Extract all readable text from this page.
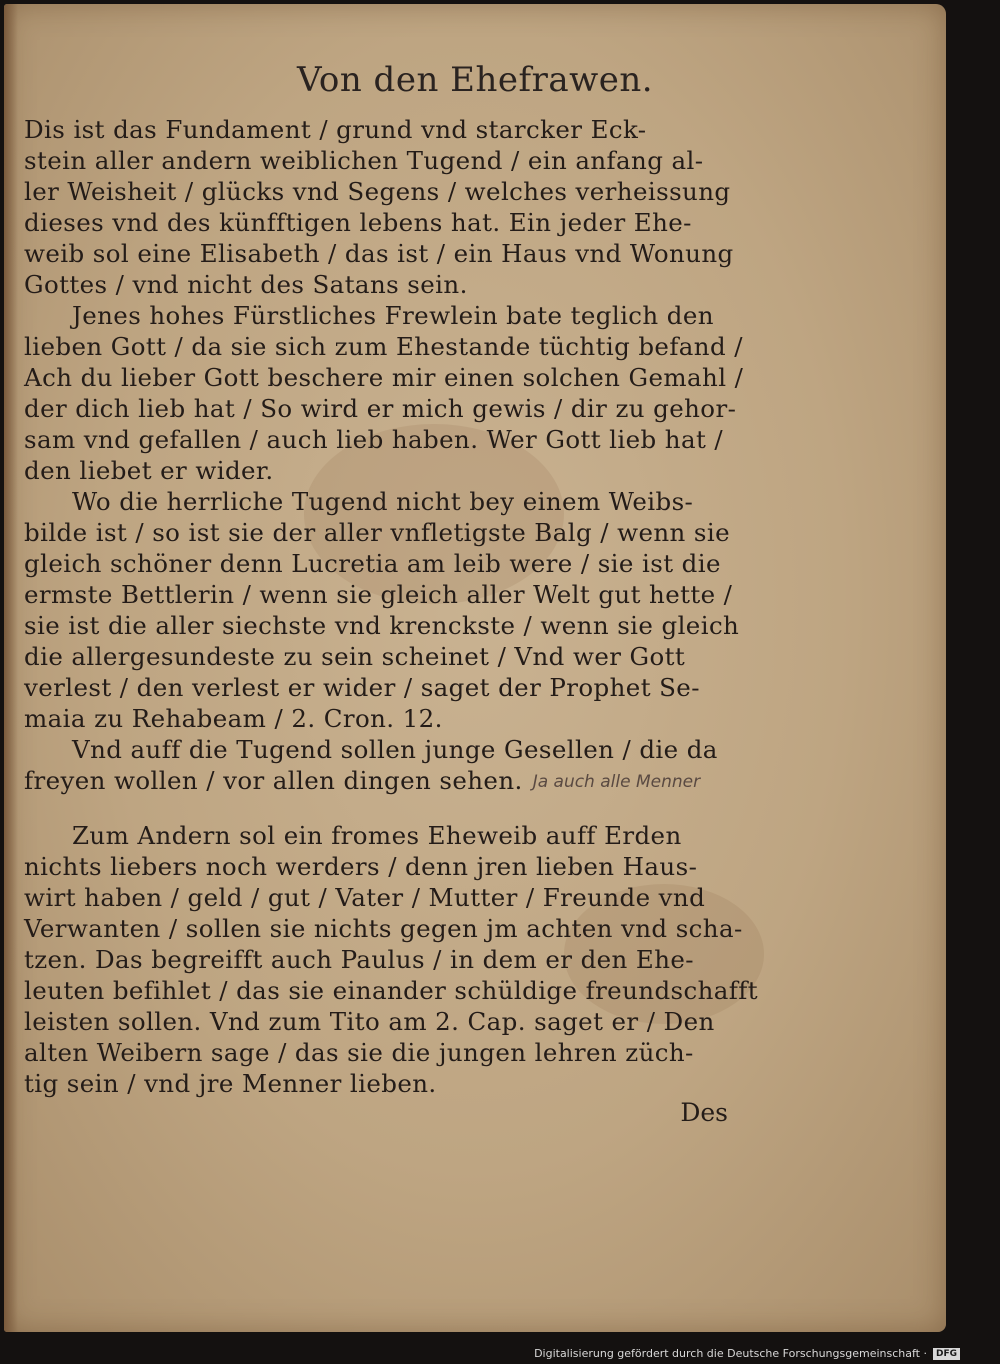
Von den Ehefrawen.
Dis ist das Fundament / grund vnd starcker Eck-
stein aller andern weiblichen Tugend / ein anfang al-
ler Weisheit / glücks vnd Segens / welches verheissung
dieses vnd des künfftigen lebens hat. Ein jeder Ehe-
weib sol eine Elisabeth / das ist / ein Haus vnd Wonung
Gottes / vnd nicht des Satans sein.
Jenes hohes Fürstliches Frewlein bate teglich den
lieben Gott / da sie sich zum Ehestande tüchtig befand /
Ach du lieber Gott beschere mir einen solchen Gemahl /
der dich lieb hat / So wird er mich gewis / dir zu gehor-
sam vnd gefallen / auch lieb haben. Wer Gott lieb hat /
den liebet er wider.
Wo die herrliche Tugend nicht bey einem Weibs-
bilde ist / so ist sie der aller vnfletigste Balg / wenn sie
gleich schöner denn Lucretia am leib were / sie ist die
ermste Bettlerin / wenn sie gleich aller Welt gut hette /
sie ist die aller siechste vnd krenckste / wenn sie gleich
die allergesundeste zu sein scheinet / Vnd wer Gott
verlest / den verlest er wider / saget der Prophet Se-
maia zu Rehabeam / 2. Cron. 12.
Vnd auff die Tugend sollen junge Gesellen / die da
freyen wollen / vor allen dingen sehen. Ja auch alle Menner
Zum Andern sol ein fromes Eheweib auff Erden
nichts liebers noch werders / denn jren lieben Haus-
wirt haben / geld / gut / Vater / Mutter / Freunde vnd
Verwanten / sollen sie nichts gegen jm achten vnd scha-
tzen. Das begreifft auch Paulus / in dem er den Ehe-
leuten befihlet / das sie einander schüldige freundschafft
leisten sollen. Vnd zum Tito am 2. Cap. saget er / Den
alten Weibern sage / das sie die jungen lehren züch-
tig sein / vnd jre Menner lieben.
Des
Digitalisierung gefördert durch die Deutsche Forschungsgemeinschaft ·	DFG
